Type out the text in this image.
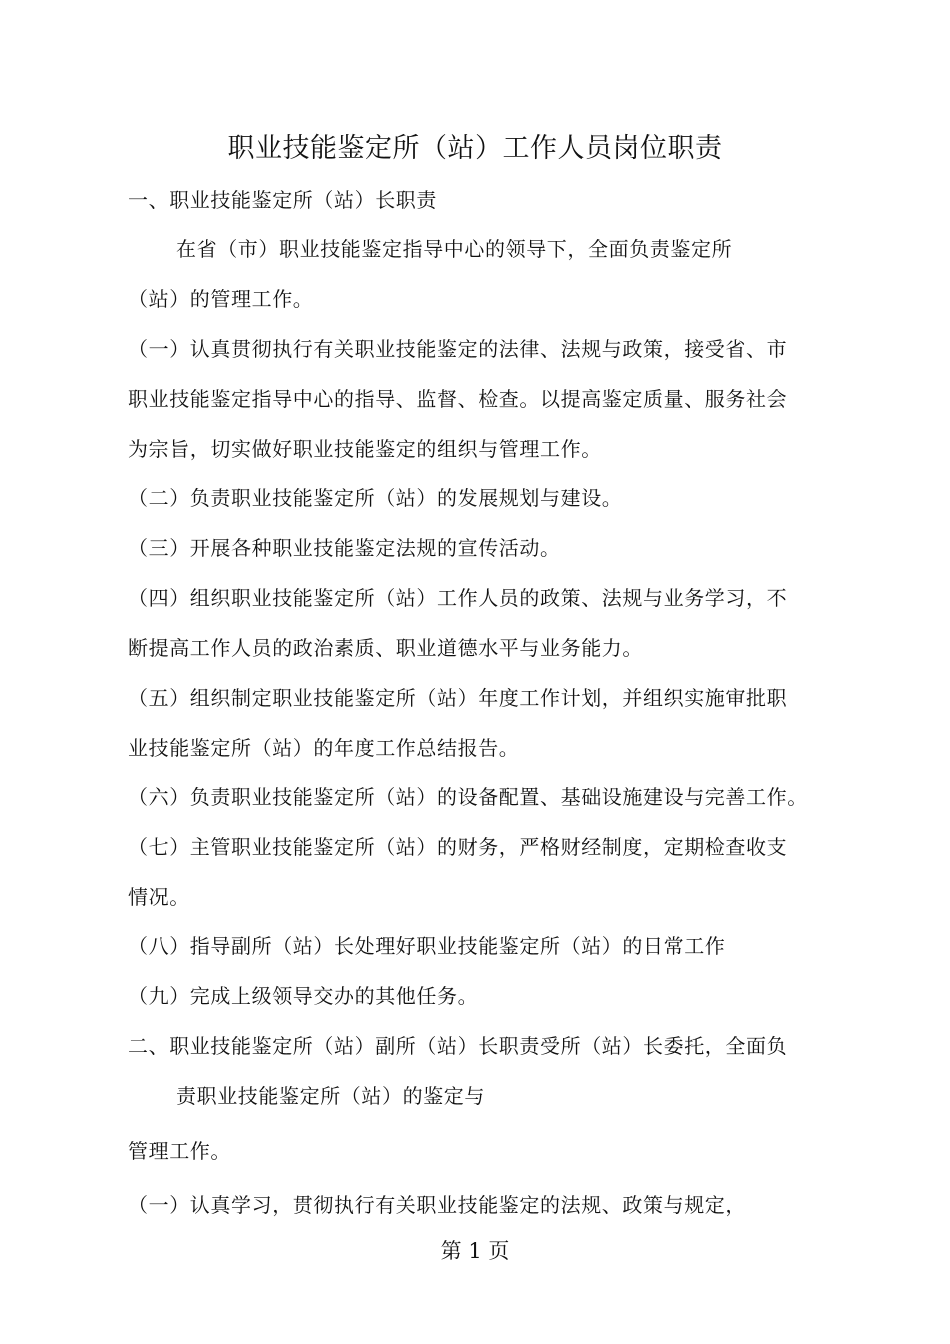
职业技能鉴定所（站）工作人员岗位职责
一、职业技能鉴定所（站）长职责
在省（市）职业技能鉴定指导中心的领导下，全面负责鉴定所
（站）的管理工作。
（一）认真贯彻执行有关职业技能鉴定的法律、法规与政策，接受省、市
职业技能鉴定指导中心的指导、监督、检查。以提高鉴定质量、服务社会
为宗旨，切实做好职业技能鉴定的组织与管理工作。
（二）负责职业技能鉴定所（站）的发展规划与建设。
（三）开展各种职业技能鉴定法规的宣传活动。
（四）组织职业技能鉴定所（站）工作人员的政策、法规与业务学习，不
断提高工作人员的政治素质、职业道德水平与业务能力。
（五）组织制定职业技能鉴定所（站）年度工作计划，并组织实施审批职
业技能鉴定所（站）的年度工作总结报告。
（六）负责职业技能鉴定所（站）的设备配置、基础设施建设与完善工作。
（七）主管职业技能鉴定所（站）的财务，严格财经制度，定期检查收支
情况。
（八）指导副所（站）长处理好职业技能鉴定所（站）的日常工作
（九）完成上级领导交办的其他任务。
二、职业技能鉴定所（站）副所（站）长职责受所（站）长委托，全面负
责职业技能鉴定所（站）的鉴定与
管理工作。
（一）认真学习，贯彻执行有关职业技能鉴定的法规、政策与规定，
第 1 页
